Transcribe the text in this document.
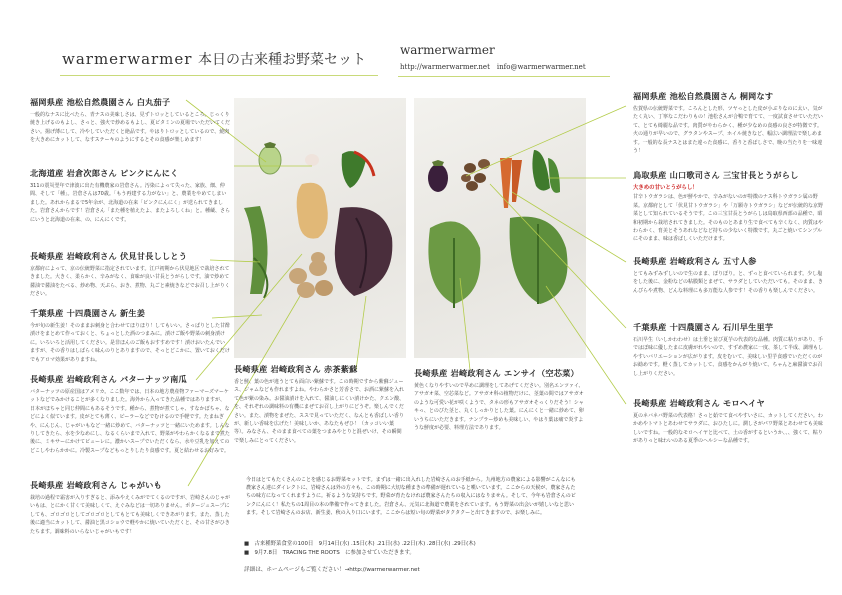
warmerwarmer 本日の古来種お野菜セット
warmerwarmer
http://warmerwarmer.net　info@warmerwarmer.net
福岡県産 池松自然農園さん 白丸茄子

一般的なナスに比べたら、青ナスの美味しさは、見ずトロッとしているところ。じっくり焼き上げるのもよし、さっと、強火で炒めるもよし、夏ビタミンの夏場でいただいてください。揚げ薄にして、冷やしていただくと絶品です。やはりトロッとしているので、焼肉を大きめにカットして、なすステーキのようにするとその食感が楽しめます！

北海道産 岩倉次郎さん ピンクにんにく

311の震災翌年で津波に出た有機農家の岩倉さん。汚染によって失った、家族、畑、仲間、そして「種」。岩倉さんは70歳。「もう再建する力がない」と、農業をやめてしまいました。あれからまるで5年余が、北海道の在来「ピンクにんにく」が送られてきました。岩倉さんからです！岩倉さん「また種を植えたよ、またよろしくね」と。種蔵、さらにいうと北海道の在来、の、にんにくです。

長崎県産 岩崎政利さん 伏見甘長ししとう

京都府によって、京の伝統野菜に指定されています。江戸初期から伏見地区で栽培されてきました。大きく、柔らかく、辛みがなく、食味が良い甘長とうがらしです。油で炒めて醤油で醤油をたべる、炒め物、天ぷら、おき、煮物、丸ごと素焼きなどでお召し上がりください。

千葉県産 十四農園さん 新生姜

今が旬の新生姜！そのままお刺身と合わせてほりほり！してもいい。さっぱりとした甘酢漬けをまとめて作っておくと、ちょっとした酒のつまみに。漬けご飯や野菜の刺身漬けに。いろいろと活用してください。是非ほんのご飯もおすすめです！漬けおいたんでいますが、その香りはしばらく味んのりとありますので、そっとどこかに、置いておくだけでもアロマ効果がありますね。

長崎県産 岩崎政利さん バターナッツ南瓜

バターナッツの原産国はアメリカ。ここ数年では、日本の地方農産物ファーマーズマーケットなどでみかけることが多くなりました。海外から入ってきた品種ではありますが、日本がほちゃと同じ仲間にもあるそうです。種から、煮物が煮てしゃ、すなかぼちゃ、などによく似ています。皮がとても薄く、ピーラーなどでむけるので手軽です。たまねぎや、にんじん、じゃがいもなど一緒に炒めて、バターナッツと一緒にいためます。しんなりしてきたら、水を少なめにし、なるくらいまで入れて、野菜がやわらかくなるまで煮た後に、ミキサーにかけてピューレに。濃かいスープでいただくなら、水や豆乳を加えてのどこしやわらかかに。冷製スープなどもっとりしたり食感です。夏と結わせるお好みで。

長崎県産 岩崎政利さん じゃがいも

栽培の過程で霜害が入りすぎると、添みやえくみがでてくるのですが、岩崎さんのじゃがいもは、とにかく甘くて美味しくて、えぐみなどは一切ありません。ポタージュスープにしても、ゴロゴロとしてゴロゴロとしてもとても美味しくできあがります。また、蒸した後に適当にカットして、醤油と黒コショウで軽やかに焼いていただくと、その甘さがひきたちます。調味料のいらないじゃがいもです！

長崎県産 岩崎政利さん 赤茶紫蘇

香と鮮、葉の色が違うとても面白い紫蘇です。この時期ですから紫蘇ジュース、ジャムなども作れますよね。やわらかさと芳香さで、お酒に紫蘇を入れて色が紫の染み。お醤油漬けを入れて、醤油しにくい漬けかた、クエン酸、を、それぞれの調味料の有機にまぜてお召し上がりにどうぞ。楽しんでください。また、漬物をまぜた、ススで見っていただく、なんとも香ばしい香りが、新しい香味を広げた！美味しいか、あなたもぜひ！（カッコいい葉等）。みなさん、そのまま食べての葉をつまみやとりと混ぜいけ、その瞬間で楽しみにとってください。

長崎県産 岩崎政利さん エンサイ（空芯菜）

黄色くなりやすいので早めに調理をしてあげてください。別名エンツァイ、アサガオ菜、空芯菜など。アサガオ科の植物だけに、茎葉の間ではアサガオのような可愛い花が咲くようで、タネの形もアサガオそっくりだそう！シャキっ、とのびた茎と、丸くしっかりとした葉。にんにくと一緒に炒めて、卵いうちにいただきます。ナンプラー炒めも美味しい、やはり葉は痛で炎すような鮮度が必要、料理方法であります。

福岡県産 池松自然農園さん 桐岡なす

佐賀県の伝統野菜です。ころんとした形、ツヤっとした皮が小ぶりなのに太い、気がたく丸い、丁寧なこだわりもの！池松さんが合鴨で育てて、一度試食させていただいて、とても綺麗な品です。肉質がやわらかく、種が少なめの食感の良さが特徴です。火の通りが早いので、グラタンやスープ、ホイル焼きなど、幅広い調理法で楽しめます。一般的な長ナスとはまた違った食感に、香りと香ばしさで、晩の当たりを一味違う！

鳥取県産 山口歌司さん 三宝甘長とうがらし

大きめの甘いとうがらし！

甘辛トウガラシは、色が鮮やかで、辛みがないのが特徴のナス科トウガラシ属の野菜。京都府として「伏見甘トウガラシ」や「万願寺トウガラシ」などが伝統的な京野菜として知られているそうです。この三宝甘長とうがらしは鳥取県西部の品種で、昭和初期から栽培されてきました。そのものとあまり生で食べても辛くなく、肉質はやわらかく、育美とそうあれなどなど持ちの少ないく特徴です。丸ごと焼いてシンプルにそのまま、味は香ばしくいただけます。

長崎県産 岩崎政利さん 五寸人参

とてもみずみずしいので生のまま、ぽりぽり。と、ずっと食べていられます。少し塩をした後に、金粉などの粘膜類とまぜて、サラダとしていただいても。そのまま、きんぴらや煮物、どんな料理にも多万能な人参です！その香りも楽しんでください。

千葉県産 十四農園さん 石川早生里芋

石川早生（いしかわわせ）は土垂と並び夏芋の代表的な品種。肉質に粘りがあり、手ではぽ味に優したまに皮膚がれやいので、すずめ農家に一度、茶して半成、調理もしやすいバリエーションが広がります。皮をむいて、美味しい里芋食感でいただくのがお勧めです。軽く蒸してカットして、食感をかんがり焼いて、ちゃんと麻醤油でお召し上がりください。

長崎県産 岩崎政利さん モロヘイヤ

夏のネバネバ野菜の代表格！さっと茹でて食べやすいさに、カットしてください。わかめやトマトとあわせてサラダに、おひたしに。潤しさがパワ野菜とあわせても美味しいですね。一般的なモロヘイヤと比べて、土の香がするというか、、、強くて、粘りがありっと味わいのある夏季のヘルシーな品種です。

今日はとてもたくさんのことを感じるお野菜セットです。まずは一緒に出入れした岩崎さんのお手紙から。九州地方の農家による影響がこんなにも農家さん達にダイレクトに、岩崎さんは外の方々も、この時期に大切な種まきの準備が遅れていると嘆いています。ここからの天候が、農家さんたちの味方になってくれますように。祈るような気持ちです。野菜が育たなければ農家さんたちの収入にはなりません。そして、今年も岩倉さんのピンクにんにく！私たちの1周目の本の準備で作ってきました。岩倉さん、元気に北海道で農業をされています。もう野菜の出会いが嬉しいなと思います。そして岩崎さんのお店、新生姜、秋の入り口にいます。ここからは短い旬の野菜がタクタクーと出てきますので、お楽しみに。
■　古来種野菜食堂の100日　9月14日(水) .15日(木) .21日(水) .22日(木) .28日(水) .29日(木)
■　9月7.8日　TRACING THE ROOTS　に参加させていただきます。
詳細は、ホームページもご覧ください！→http://warmerwarmer.net
